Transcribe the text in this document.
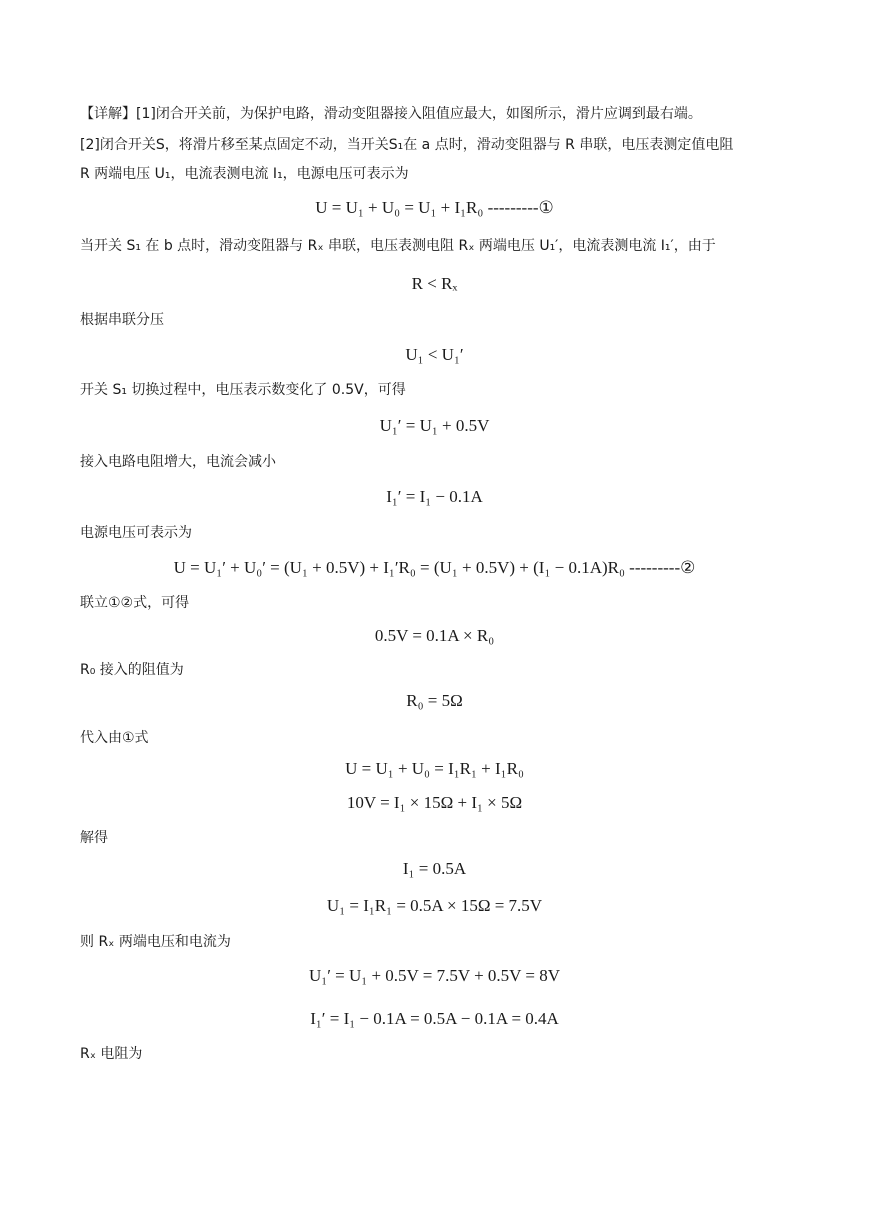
【详解】[1]闭合开关前，为保护电路，滑动变阻器接入阻值应最大，如图所示，滑片应调到最右端。
[2]闭合开关S，将滑片移至某点固定不动，当开关S₁在 a 点时，滑动变阻器与 R 串联，电压表测定值电阻
R 两端电压 U₁，电流表测电流 I₁，电源电压可表示为
U = U₁ + U₀ = U₁ + I₁R₀ ---------①
当开关 S₁ 在 b 点时，滑动变阻器与 Rₓ 串联，电压表测电阻 Rₓ 两端电压 U₁′，电流表测电流 I₁′，由于
R < Rₓ
根据串联分压
U₁ < U₁′
开关 S₁ 切换过程中，电压表示数变化了 0.5V，可得
U₁′ = U₁ + 0.5V
接入电路电阻增大，电流会减小
I₁′ = I₁ − 0.1A
电源电压可表示为
U = U₁′ + U₀′ = (U₁ + 0.5V) + I₁′R₀ = (U₁ + 0.5V) + (I₁ − 0.1A)R₀ ---------②
联立①②式，可得
0.5V = 0.1A × R₀
R₀ 接入的阻值为
R₀ = 5Ω
代入由①式
U = U₁ + U₀ = I₁R₁ + I₁R₀
10V = I₁ × 15Ω + I₁ × 5Ω
解得
I₁ = 0.5A
U₁ = I₁R₁ = 0.5A × 15Ω = 7.5V
则 Rₓ 两端电压和电流为
U₁′ = U₁ + 0.5V = 7.5V + 0.5V = 8V
I₁′ = I₁ − 0.1A = 0.5A − 0.1A = 0.4A
Rₓ 电阻为
